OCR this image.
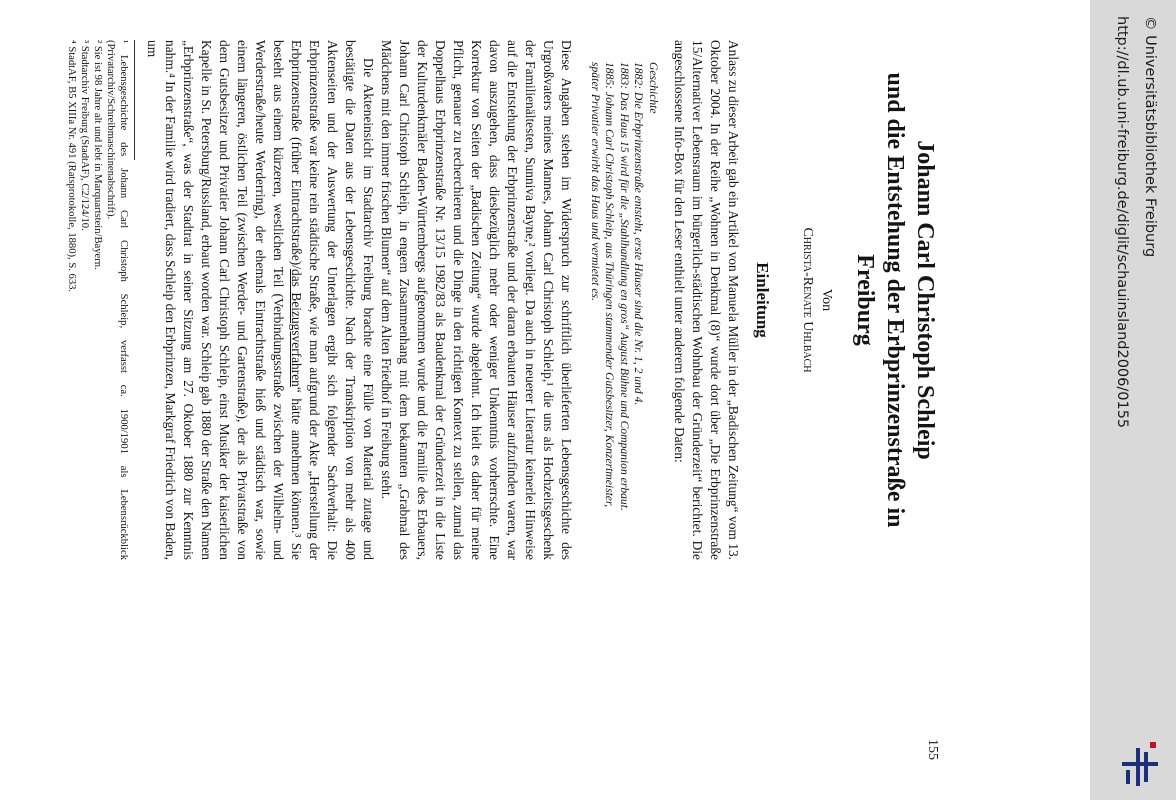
155
Johann Carl Christoph Schleip
und die Entstehung der Erbprinzenstraße in Freiburg

Von

Christa-Renate Uhlbach

Einleitung

Anlass zu dieser Arbeit gab ein Artikel von Manuela Müller in der „Badischen Zeitung“ vom 13. Oktober 2004. In der Reihe „Wohnen in Denkmal (8)“ wurde dort über „Die Erbprinzenstraße 15/Alternativer Lebensraum im bürgerlich-städtischen Wohnbau der Gründerzeit“ berichtet. Die angeschlossene Info-Box für den Leser enthielt unter anderem folgende Daten:

Geschichte
1882: Die Erbprinzenstraße entsteht, erste Häuser sind die Nr. 1, 2 und 4.
1883: Das Haus 15 wird für die „Stahlhandlung en gros“ August Bühne und Companion erbaut.
1885: Johann Carl Christoph Schleip, aus Thüringen stammender Gutsbesitzer, Konzertmeister,
später Privatier erwirbt das Haus und vermietet es.

Diese Angaben stehen im Widerspruch zur schriftlich überlieferten Lebensgeschichte des Urgroßvaters meines Mannes, Johann Carl Christoph Schleip,¹ die uns als Hochzeitsgeschenk der Familienältesten, Sunniva Bayne,² vorliegt. Da auch in neuerer Literatur keinerlei Hinweise auf die Entstehung der Erbprinzenstraße und der daran erbauten Häuser aufzufinden waren, war davon auszugehen, dass diesbezüglich mehr oder weniger Unkenntnis vorherrschte. Eine Korrektur von Seiten der „Badischen Zeitung“ wurde abgelehnt. Ich hielt es daher für meine Pflicht, genauer zu recherchieren und die Dinge in den richtigen Kontext zu stellen, zumal das Doppelhaus Erbprinzenstraße Nr. 13/15 1982/83 als Baudenkmal der Gründerzeit in die Liste der Kulturdenkmäler Baden-Württembergs aufgenommen wurde und die Familie des Erbauers, Johann Carl Christoph Schleip, in engem Zusammenhang mit dem bekannten „Grabmal des Mädchens mit den immer frischen Blumen“ auf dem Alten Friedhof in Freiburg steht.

Die Akteneinsicht im Stadtarchiv Freiburg brachte eine Fülle von Material zutage und bestätigte die Daten aus der Lebensgeschichte. Nach der Transkription von mehr als 400 Aktenseiten und der Auswertung der Unterlagen ergibt sich folgender Sachverhalt: Die Erbprinzenstraße war keine rein städtische Straße, wie man aufgrund der Akte „Herstellung der Erbprinzenstraße (früher Eintrachtstraße)/das Beizugsverfahren“ hätte annehmen können.³ Sie besteht aus einem kürzeren, westlichen Teil (Verbindungsstraße zwischen der Wilhelm- und Werderstraße/heute Werderring), der ehemals Eintrachtstraße hieß und städtisch war, sowie einem längeren, östlichen Teil (zwischen Werder- und Gartenstraße), der als Privatstraße von dem Gutsbesitzer und Privatier Johann Carl Christoph Schleip, einst Musiker der kaiserlichen Kapelle in St. Petersburg/Russland, erbaut worden war. Schleip gab 1880 der Straße den Namen „Erbprinzenstraße“, was der Stadtrat in seiner Sitzung am 27. Oktober 1880 zur Kenntnis nahm.⁴ In der Familie wird tradiert, dass Schleip den Erbprinzen, Markgraf Friedrich von Baden, um

¹ Lebensgeschichte des Johann Carl Christoph Schleip, verfasst ca. 1900/1901 als Lebensrückblick (Privatarchiv/Schreibmaschinenabschrift).

² Sie ist 98 Jahre alt und lebt in Marquartstein/Bayern.

³ Stadtarchiv Freiburg (StadtAF), C2/124/10.

⁴ StadtAF, B5 XIIIa Nr. 491 (Ratsprotokolle, 1880), S. 633.	http://dl.ub.uni-freiburg.de/diglit/schauinsland2006/0155 © Universitätsbibliothek Freiburg
